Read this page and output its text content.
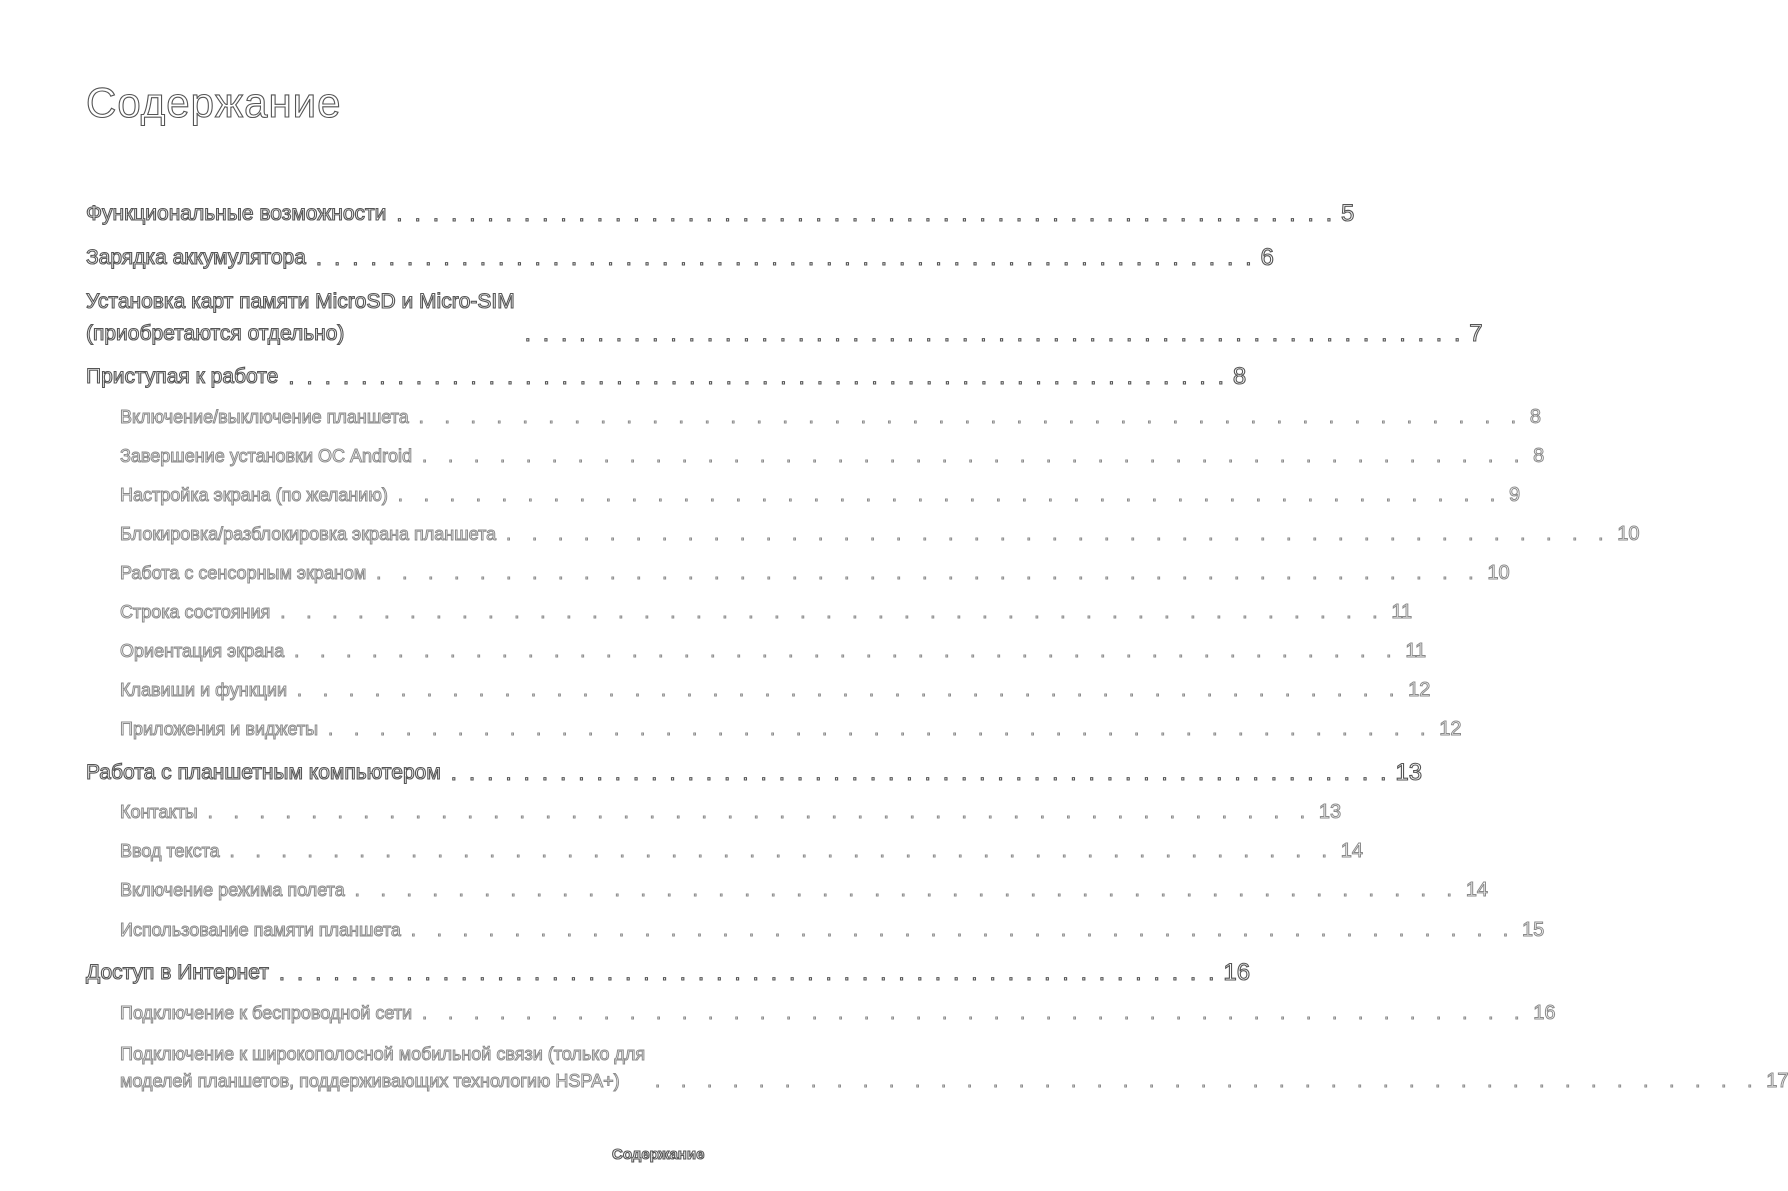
Содержание
Функциональные возможности . . . . . . . . . . . . . . . . . . . . . . . . . . . . . . . . . . . . . . . . . . . . . . . . . . . . 5
Зарядка аккумулятора . . . . . . . . . . . . . . . . . . . . . . . . . . . . . . . . . . . . . . . . . . . . . . . . . . . . 6
Установка карт памяти MicroSD и Micro-SIM
(приобретаются отдельно)	. . . . . . . . . . . . . . . . . . . . . . . . . . . . . . . . . . . . . . . . . . . . . . . . . . . . 7
Приступая к работе . . . . . . . . . . . . . . . . . . . . . . . . . . . . . . . . . . . . . . . . . . . . . . . . . . . . 8
Включение/выключение планшета . . . . . . . . . . . . . . . . . . . . . . . . . . . . . . . . . . . . . . . . . . . 8
Завершение установки ОС Android . . . . . . . . . . . . . . . . . . . . . . . . . . . . . . . . . . . . . . . . . . . 8
Настройка экрана (по желанию) . . . . . . . . . . . . . . . . . . . . . . . . . . . . . . . . . . . . . . . . . . . 9
Блокировка/разблокировка экрана планшета . . . . . . . . . . . . . . . . . . . . . . . . . . . . . . . . . . . . . . . . . . . 10
Работа с сенсорным экраном . . . . . . . . . . . . . . . . . . . . . . . . . . . . . . . . . . . . . . . . . . . 10
Строка состояния . . . . . . . . . . . . . . . . . . . . . . . . . . . . . . . . . . . . . . . . . . . 11
Ориентация экрана . . . . . . . . . . . . . . . . . . . . . . . . . . . . . . . . . . . . . . . . . . . 11
Клавиши и функции . . . . . . . . . . . . . . . . . . . . . . . . . . . . . . . . . . . . . . . . . . . 12
Приложения и виджеты . . . . . . . . . . . . . . . . . . . . . . . . . . . . . . . . . . . . . . . . . . . 12
Работа с планшетным компьютером . . . . . . . . . . . . . . . . . . . . . . . . . . . . . . . . . . . . . . . . . . . . . . . . . . . . 13
Контакты . . . . . . . . . . . . . . . . . . . . . . . . . . . . . . . . . . . . . . . . . . . 13
Ввод текста . . . . . . . . . . . . . . . . . . . . . . . . . . . . . . . . . . . . . . . . . . . 14
Включение режима полета . . . . . . . . . . . . . . . . . . . . . . . . . . . . . . . . . . . . . . . . . . . 14
Использование памяти планшета . . . . . . . . . . . . . . . . . . . . . . . . . . . . . . . . . . . . . . . . . . . 15
Доступ в Интернет . . . . . . . . . . . . . . . . . . . . . . . . . . . . . . . . . . . . . . . . . . . . . . . . . . . . 16
Подключение к беспроводной сети . . . . . . . . . . . . . . . . . . . . . . . . . . . . . . . . . . . . . . . . . . . 16
Подключение к широкополосной мобильной связи (только для
моделей планшетов, поддерживающих технологию HSPA+)	. . . . . . . . . . . . . . . . . . . . . . . . . . . . . . . . . . . . . . . . . . . 17
Содержание
